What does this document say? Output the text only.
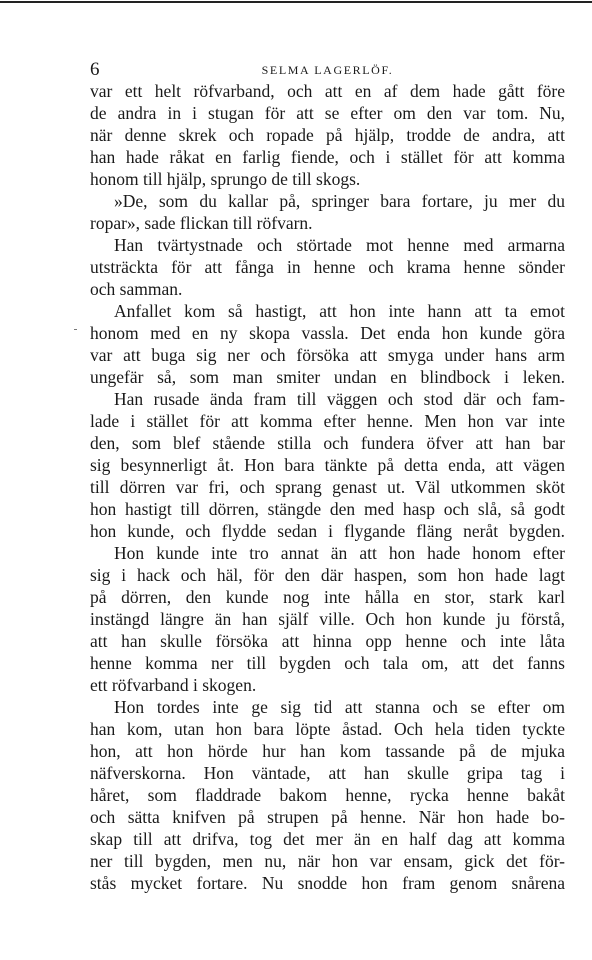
6	SELMA LAGERLÖF.
var ett helt röfvarband, och att en af dem hade gått före
de andra in i stugan för att se efter om den var tom. Nu,
när denne skrek och ropade på hjälp, trodde de andra, att
han hade råkat en farlig fiende, och i stället för att komma
honom till hjälp, sprungo de till skogs.
»De, som du kallar på, springer bara fortare, ju mer du
ropar», sade flickan till röfvarn.
Han tvärtystnade och störtade mot henne med armarna
utsträckta för att fånga in henne och krama henne sönder
och samman.
Anfallet kom så hastigt, att hon inte hann att ta emot
honom med en ny skopa vassla. Det enda hon kunde göra
var att buga sig ner och försöka att smyga under hans arm
ungefär så, som man smiter undan en blindbock i leken.
Han rusade ända fram till väggen och stod där och fam-
lade i stället för att komma efter henne. Men hon var inte
den, som blef stående stilla och fundera öfver att han bar
sig besynnerligt åt. Hon bara tänkte på detta enda, att vägen
till dörren var fri, och sprang genast ut. Väl utkommen sköt
hon hastigt till dörren, stängde den med hasp och slå, så godt
hon kunde, och flydde sedan i flygande fläng neråt bygden.
Hon kunde inte tro annat än att hon hade honom efter
sig i hack och häl, för den där haspen, som hon hade lagt
på dörren, den kunde nog inte hålla en stor, stark karl
instängd längre än han själf ville. Och hon kunde ju förstå,
att han skulle försöka att hinna opp henne och inte låta
henne komma ner till bygden och tala om, att det fanns
ett röfvarband i skogen.
Hon tordes inte ge sig tid att stanna och se efter om
han kom, utan hon bara löpte åstad. Och hela tiden tyckte
hon, att hon hörde hur han kom tassande på de mjuka
näfverskorna. Hon väntade, att han skulle gripa tag i
håret, som fladdrade bakom henne, rycka henne bakåt
och sätta knifven på strupen på henne. När hon hade bo-
skap till att drifva, tog det mer än en half dag att komma
ner till bygden, men nu, när hon var ensam, gick det för-
stås mycket fortare. Nu snodde hon fram genom snårena
